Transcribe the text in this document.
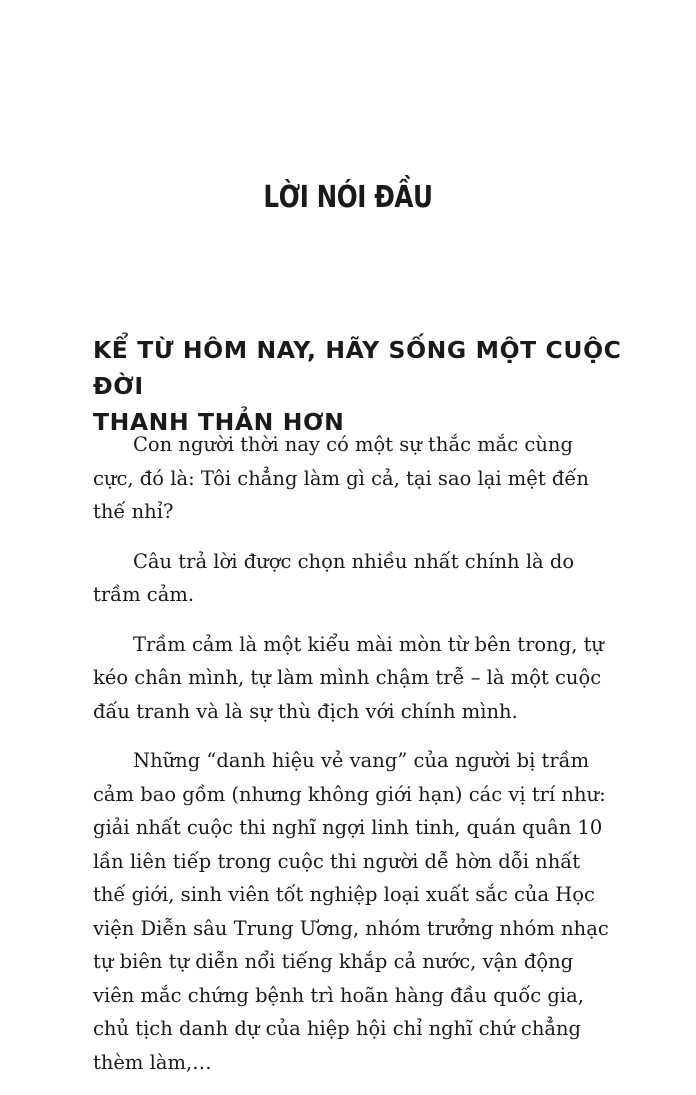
LỜI NÓI ĐẦU
KỂ TỪ HÔM NAY, HÃY SỐNG MỘT CUỘC ĐỜI
THANH THẢN HƠN

Con người thời nay có một sự thắc mắc cùng cực, đó là: Tôi chẳng làm gì cả, tại sao lại mệt đến thế nhỉ?

Câu trả lời được chọn nhiều nhất chính là do trầm cảm.

Trầm cảm là một kiểu mài mòn từ bên trong, tự kéo chân mình, tự làm mình chậm trễ – là một cuộc đấu tranh và là sự thù địch với chính mình.

Những “danh hiệu vẻ vang” của người bị trầm cảm bao gồm (nhưng không giới hạn) các vị trí như: giải nhất cuộc thi nghĩ ngợi linh tinh, quán quân 10 lần liên tiếp trong cuộc thi người dễ hờn dỗi nhất thế giới, sinh viên tốt nghiệp loại xuất sắc của Học viện Diễn sâu Trung Ương, nhóm trưởng nhóm nhạc tự biên tự diễn nổi tiếng khắp cả nước, vận động viên mắc chứng bệnh trì hoãn hàng đầu quốc gia, chủ tịch danh dự của hiệp hội chỉ nghĩ chứ chẳng thèm làm,…
